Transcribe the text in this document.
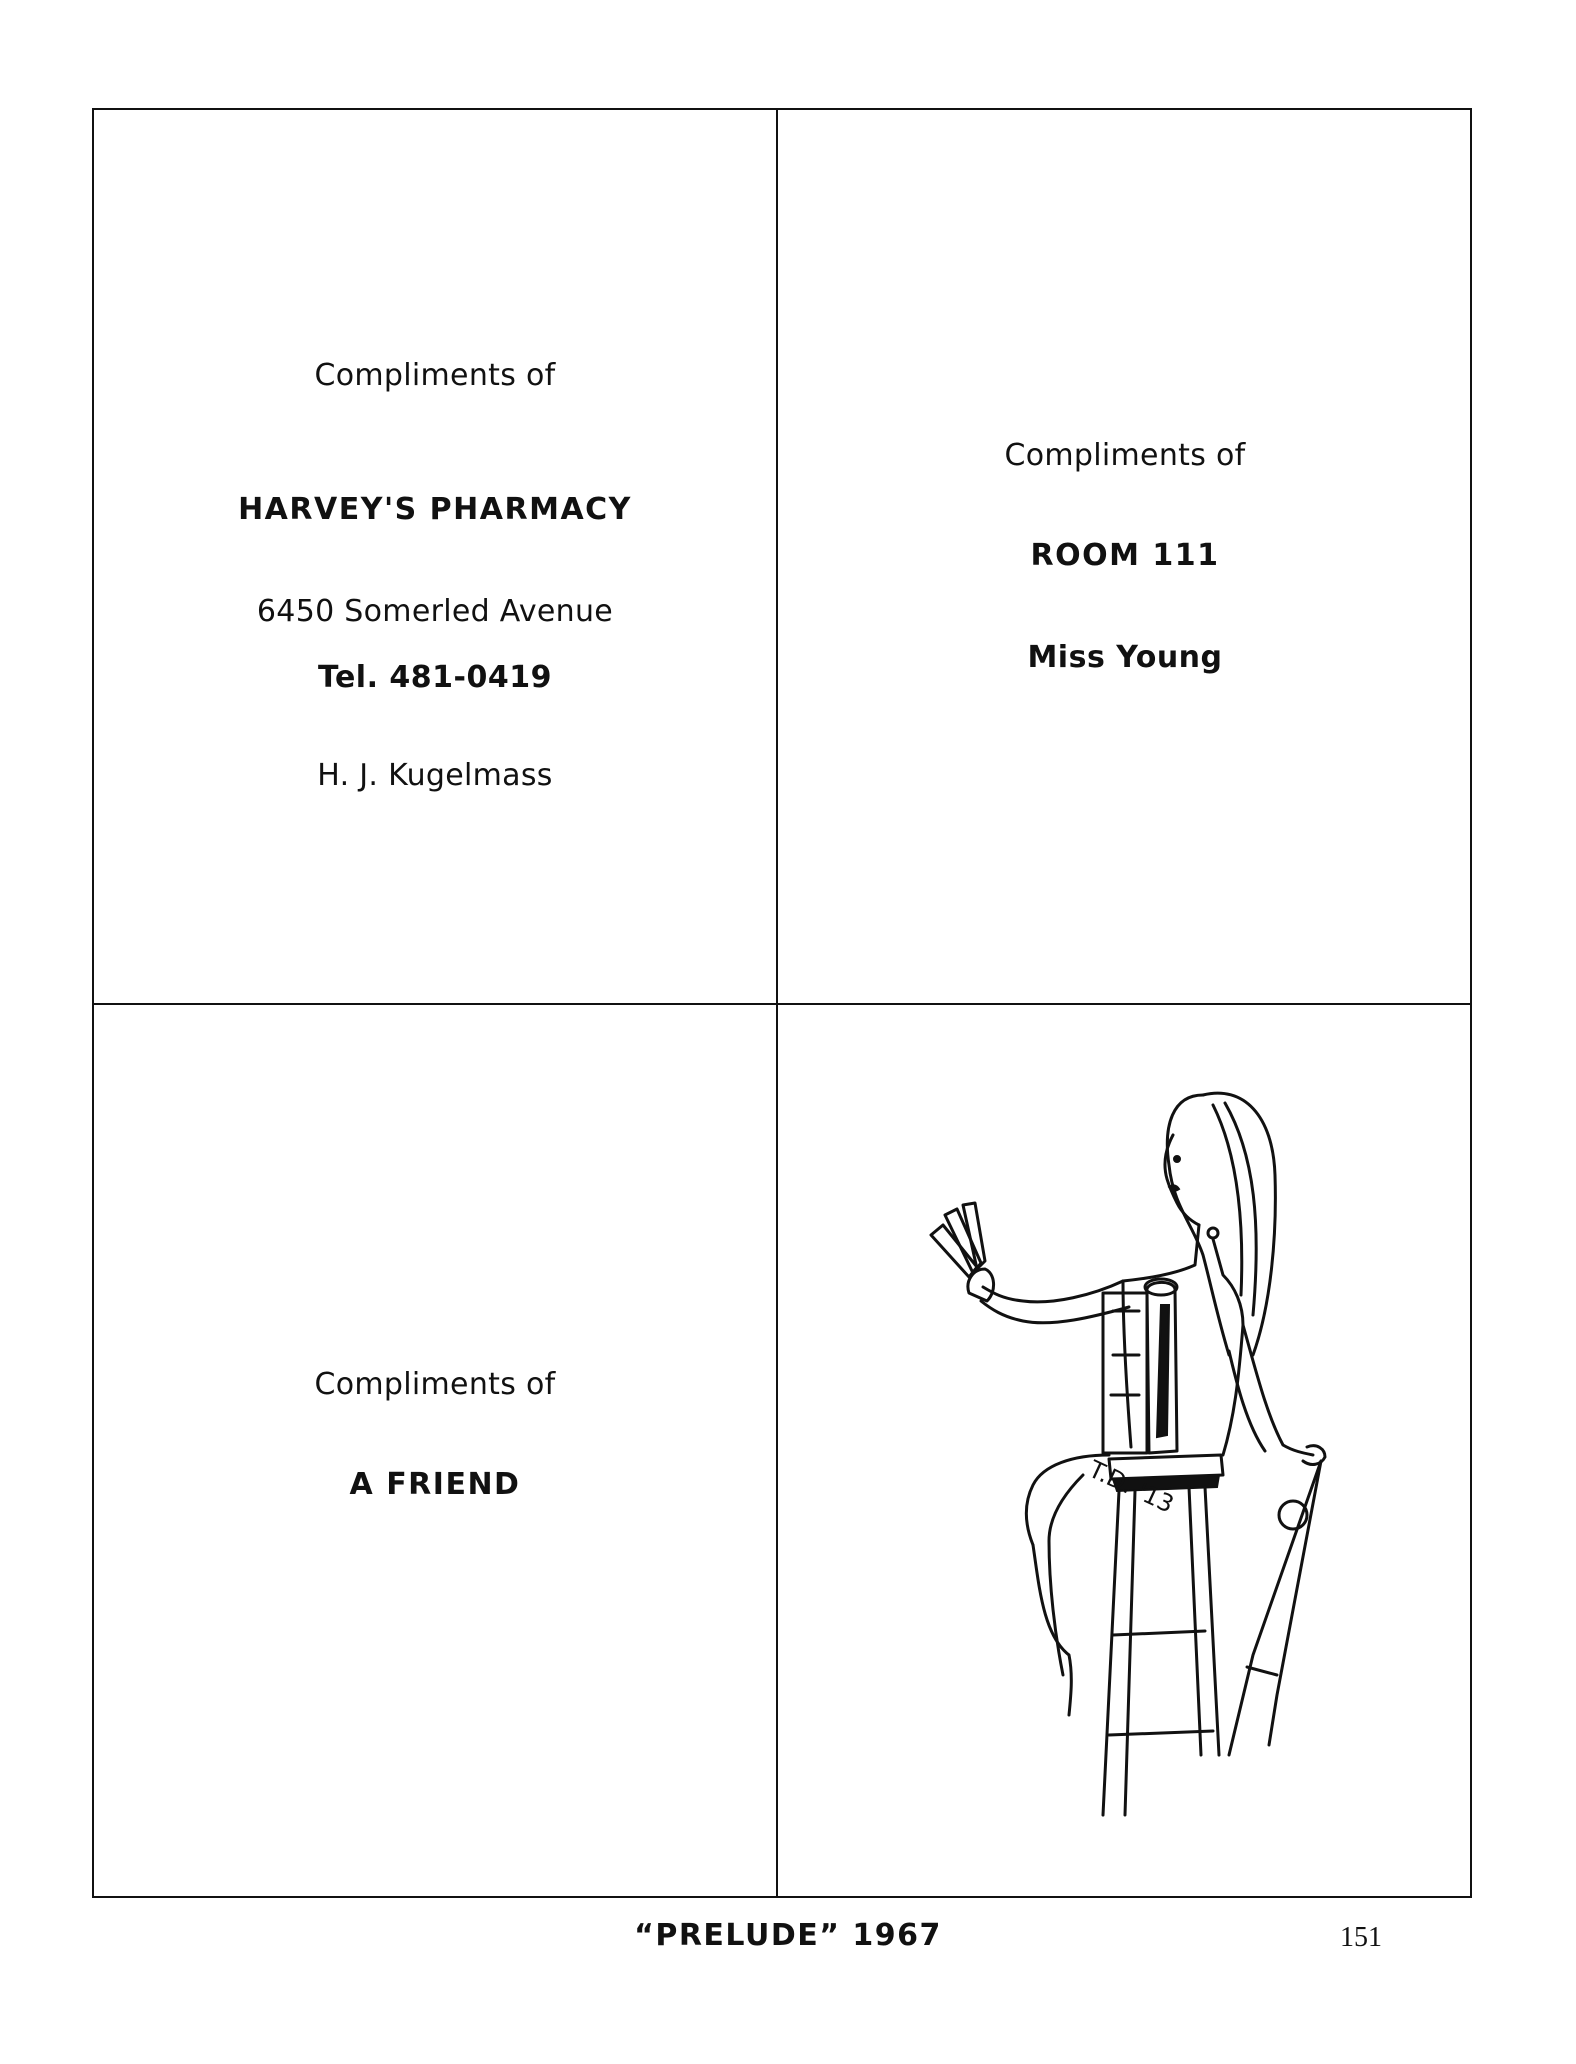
Compliments of
HARVEY'S PHARMACY
6450 Somerled Avenue
Tel. 481-0419
H. J. Kugelmass
Compliments of
ROOM 111
Miss Young
Compliments of
A FRIEND	T.D. '13
“PRELUDE” 1967	151
